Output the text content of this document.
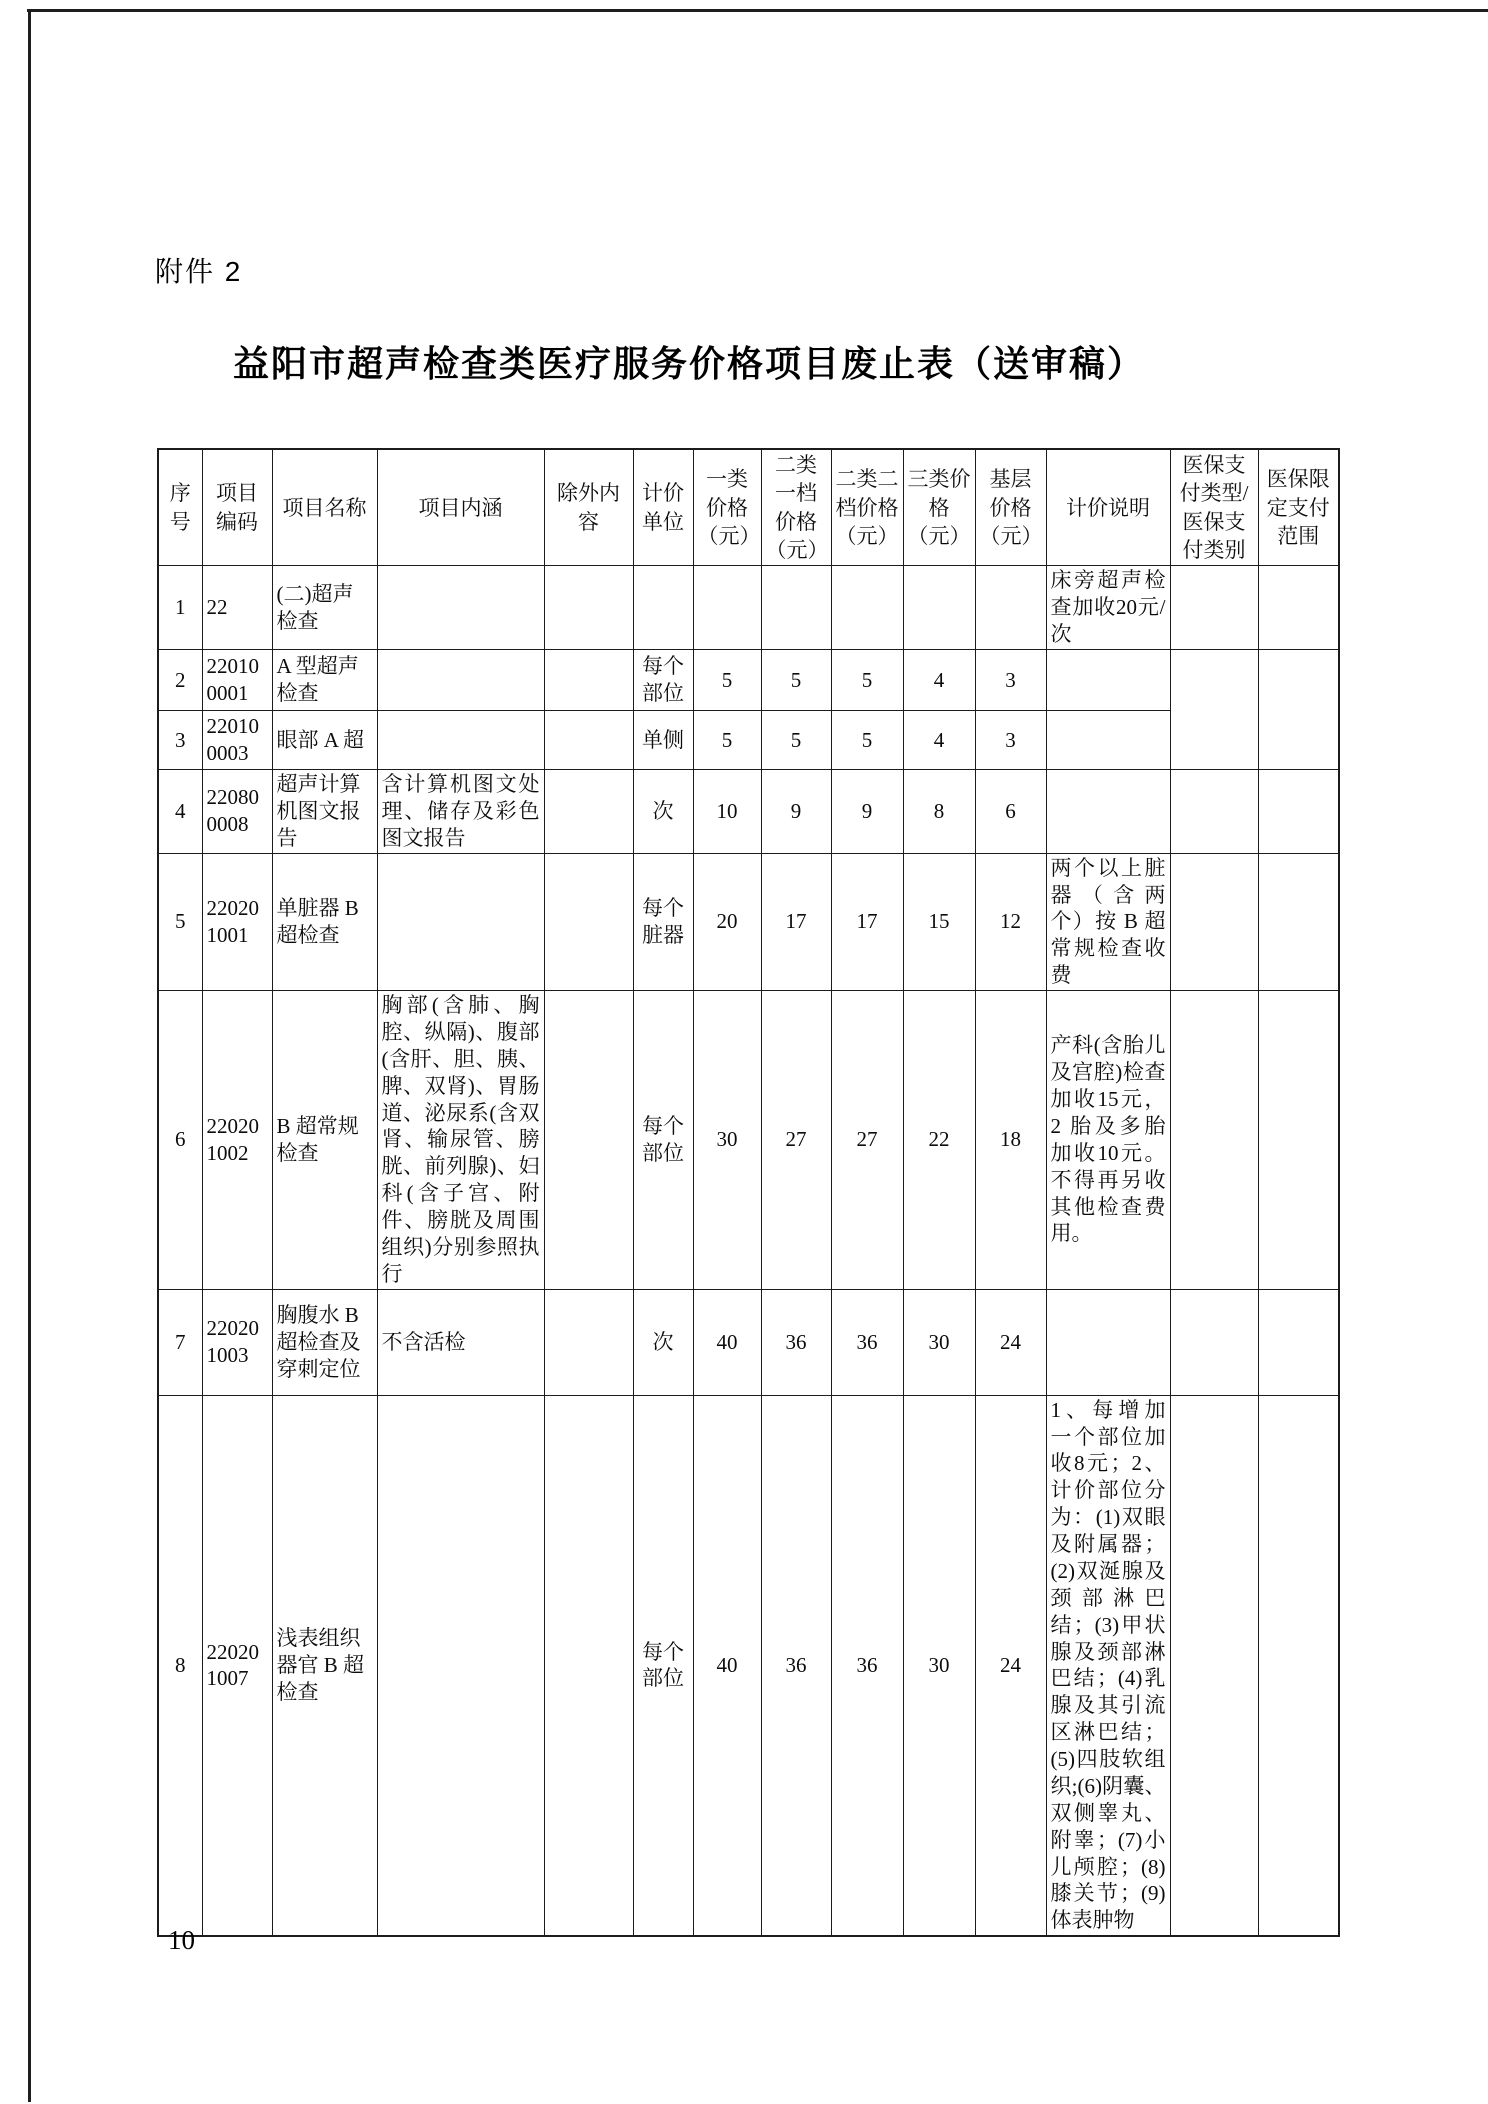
附件 2
益阳市超声检查类医疗服务价格项目废止表（送审稿）
序号	项目编码	项目名称	项目内涵	除外内容	计价单位	一类价格（元）	二类一档价格（元）	二类二档价格（元）	三类价格（元）	基层价格（元）	计价说明	医保支付类型/医保支付类别	医保限定支付范围
1	22	(二)超声检查									床旁超声检查加收20元/次		
2	220100001	A 型超声检查			每个部位	5	5	5	4	3			
3	220100003	眼部 A 超			单侧	5	5	5	4	3			
4	220800008	超声计算机图文报告	含计算机图文处理、储存及彩色图文报告		次	10	9	9	8	6			
5	220201001	单脏器 B 超检查			每个脏器	20	17	17	15	12	两个以上脏器（含两个）按 B 超常规检查收费		
6	220201002	B 超常规检查	胸部(含肺、胸腔、纵隔)、腹部(含肝、胆、胰、脾、双肾)、胃肠道、泌尿系(含双肾、输尿管、膀胱、前列腺)、妇科(含子宫、附件、膀胱及周围组织)分别参照执行		每个部位	30	27	27	22	18	产科(含胎儿及宫腔)检查加收15元，2 胎及多胎加收10元。不得再另收其他检查费用。		
7	220201003	胸腹水 B 超检查及穿刺定位	不含活检		次	40	36	36	30	24			
8	220201007	浅表组织器官 B 超检查			每个部位	40	36	36	30	24	1、每增加一个部位加收8元；2、计价部位分为：(1)双眼及附属器；(2)双涎腺及颈部淋巴结；(3)甲状腺及颈部淋巴结；(4)乳腺及其引流区淋巴结；(5)四肢软组织;(6)阴囊、双侧睾丸、附睾；(7)小儿颅腔；(8)膝关节；(9)体表肿物		
10
